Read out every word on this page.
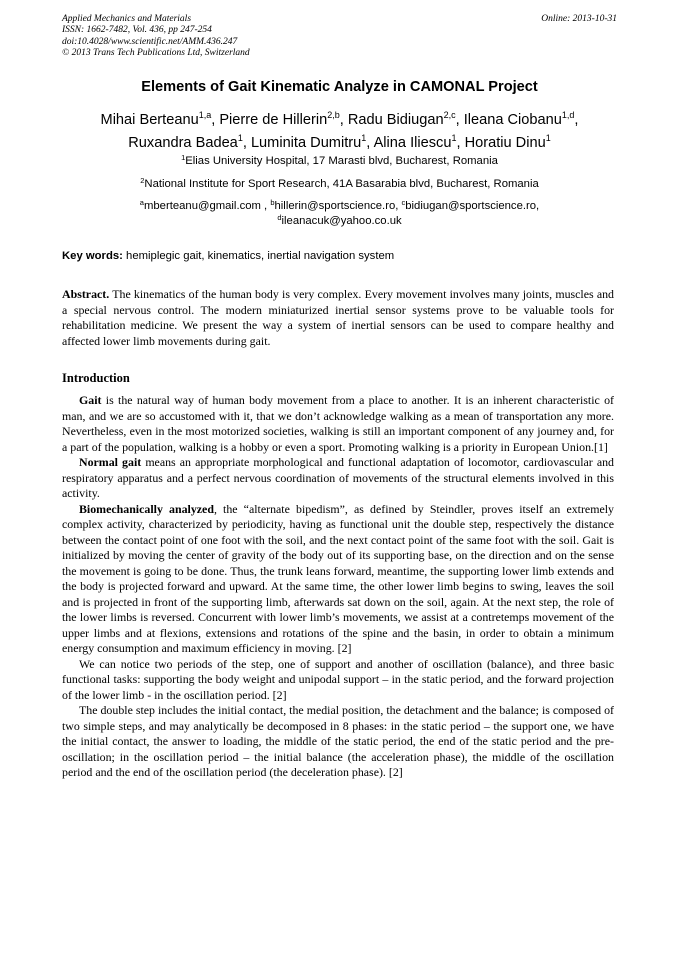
Applied Mechanics and Materials
ISSN: 1662-7482, Vol. 436, pp 247-254
doi:10.4028/www.scientific.net/AMM.436.247
© 2013 Trans Tech Publications Ltd, Switzerland
Online: 2013-10-31
Elements of Gait Kinematic Analyze in CAMONAL Project
Mihai Berteanu$^{1,a}$, Pierre de Hillerin$^{2,b}$, Radu Bidiugan$^{2,c}$, Ileana Ciobanu$^{1,d}$,
Ruxandra Badea$^1$, Luminita Dumitru$^1$, Alina Iliescu$^1$, Horatiu Dinu$^1$
$^1$Elias University Hospital, 17 Marasti blvd, Bucharest, Romania
$^2$National Institute for Sport Research, 41A Basarabia blvd, Bucharest, Romania
$^a$mberteanu@gmail.com , $^b$hillerin@sportscience.ro, $^c$bidiugan@sportscience.ro,
$^d$ileanacuk@yahoo.co.uk
Key words: hemiplegic gait, kinematics, inertial navigation system
Abstract. The kinematics of the human body is very complex. Every movement involves many joints, muscles and a special nervous control. The modern miniaturized inertial sensor systems prove to be valuable tools for rehabilitation medicine. We present the way a system of inertial sensors can be used to compare healthy and affected lower limb movements during gait.
Introduction

Gait is the natural way of human body movement from a place to another. It is an inherent characteristic of man, and we are so accustomed with it, that we don’t acknowledge walking as a mean of transportation any more. Nevertheless, even in the most motorized societies, walking is still an important component of any journey and, for a part of the population, walking is a hobby or even a sport. Promoting walking is a priority in European Union.[1]

Normal gait means an appropriate morphological and functional adaptation of locomotor, cardiovascular and respiratory apparatus and a perfect nervous coordination of movements of the structural elements involved in this activity.

Biomechanically analyzed, the “alternate bipedism”, as defined by Steindler, proves itself an extremely complex activity, characterized by periodicity, having as functional unit the double step, respectively the distance between the contact point of one foot with the soil, and the next contact point of the same foot with the soil. Gait is initialized by moving the center of gravity of the body out of its supporting base, on the direction and on the sense the movement is going to be done. Thus, the trunk leans forward, meantime, the supporting lower limb extends and the body is projected forward and upward. At the same time, the other lower limb begins to swing, leaves the soil and is projected in front of the supporting limb, afterwards sat down on the soil, again. At the next step, the role of the lower limbs is reversed. Concurrent with lower limb’s movements, we assist at a contretemps movement of the upper limbs and at flexions, extensions and rotations of the spine and the basin, in order to obtain a minimum energy consumption and maximum efficiency in moving. [2]

We can notice two periods of the step, one of support and another of oscillation (balance), and three basic functional tasks: supporting the body weight and unipodal support – in the static period, and the forward projection of the lower limb - in the oscillation period. [2]

The double step includes the initial contact, the medial position, the detachment and the balance; is composed of two simple steps, and may analytically be decomposed in 8 phases: in the static period – the support one, we have the initial contact, the answer to loading, the middle of the static period, the end of the static period and the pre-oscillation; in the oscillation period – the initial balance (the acceleration phase), the middle of the oscillation period and the end of the oscillation period (the deceleration phase). [2]
